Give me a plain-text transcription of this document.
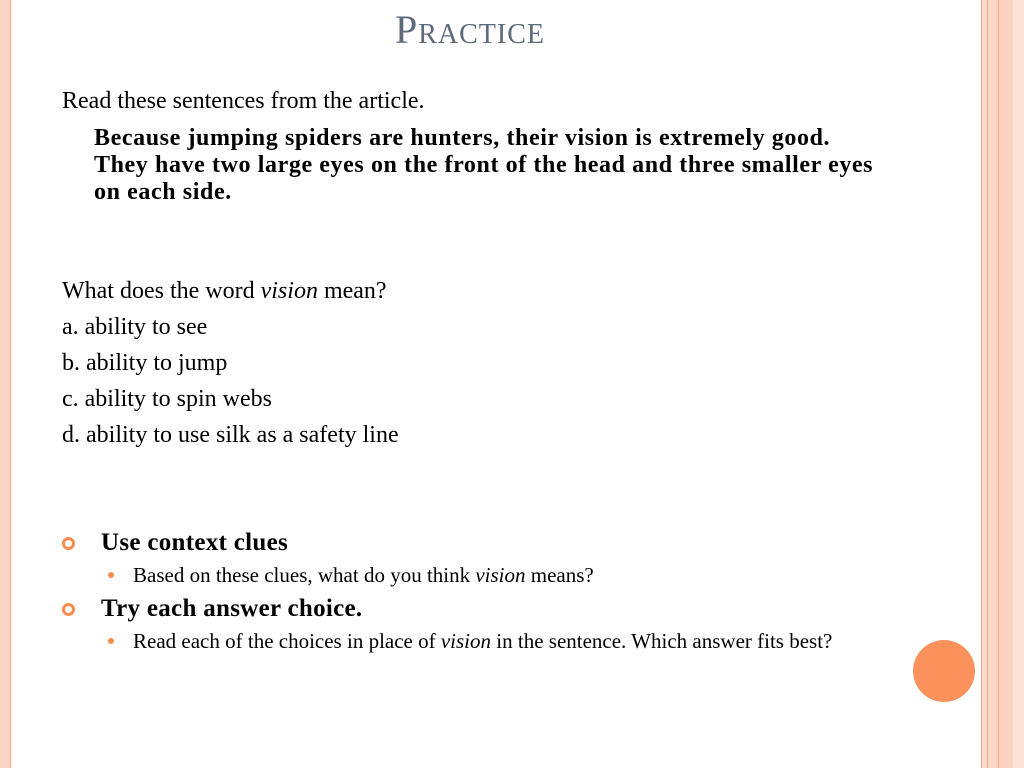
Practice
Read these sentences from the article.
Because jumping spiders are hunters, their vision is extremely good. They have two large eyes on the front of the head and three smaller eyes on each side.
What does the word vision mean?
a. ability to see
b. ability to jump
c. ability to spin webs
d. ability to use silk as a safety line
Use context clues
Based on these clues, what do you think vision means?
Try each answer choice.
Read each of the choices in place of vision in the sentence. Which answer fits best?
